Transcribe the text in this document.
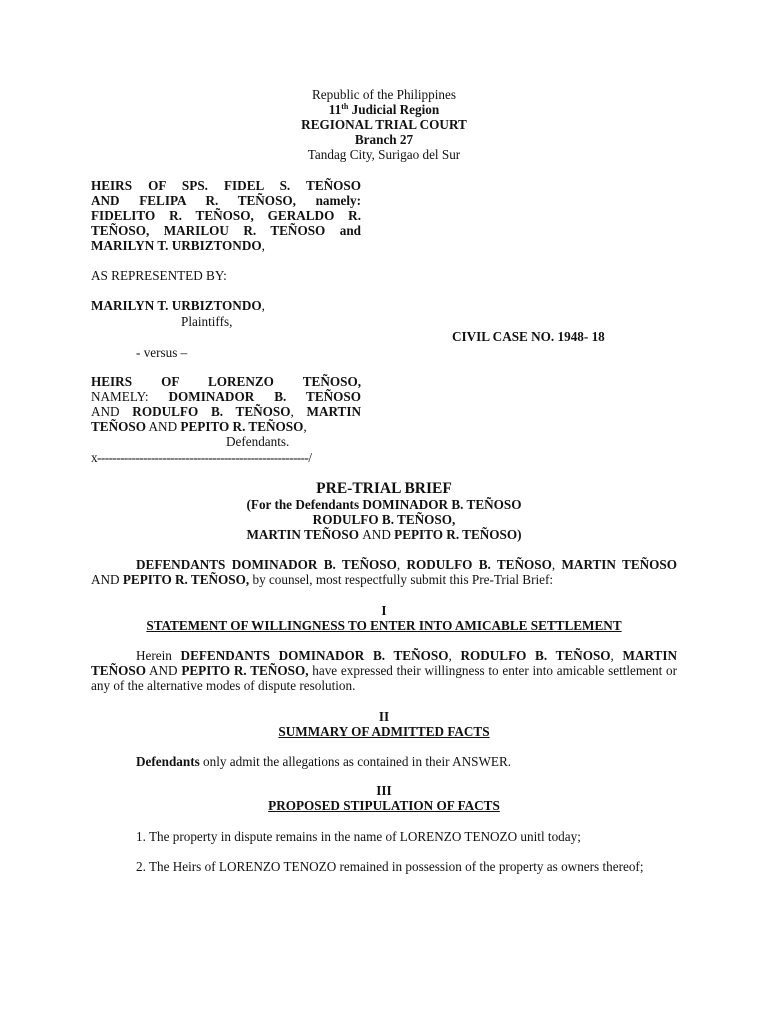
Republic of the Philippines
11th Judicial Region
REGIONAL TRIAL COURT
Branch 27
Tandag City, Surigao del Sur
HEIRS OF SPS. FIDEL S. TEÑOSO
AND FELIPA R. TEÑOSO, namely:
FIDELITO R. TEÑOSO, GERALDO R.
TEÑOSO, MARILOU R. TEÑOSO and
MARILYN T. URBIZTONDO,
AS REPRESENTED BY:
MARILYN T. URBIZTONDO,
Plaintiffs,
CIVIL CASE NO. 1948- 18
- versus –
HEIRS OF LORENZO TEÑOSO,
NAMELY: DOMINADOR B. TEÑOSO
AND RODULFO B. TEÑOSO, MARTIN
TEÑOSO AND PEPITO R. TEÑOSO,
Defendants.
x-------------------------------------------------------/
PRE-TRIAL BRIEF
(For the Defendants DOMINADOR B. TEÑOSO
RODULFO B. TEÑOSO,
MARTIN TEÑOSO AND PEPITO R. TEÑOSO)

DEFENDANTS DOMINADOR B. TEÑOSO, RODULFO B. TEÑOSO, MARTIN TEÑOSO AND PEPITO R. TEÑOSO, by counsel, most respectfully submit this Pre-Trial Brief:

I
STATEMENT OF WILLINGNESS TO ENTER INTO AMICABLE SETTLEMENT

Herein DEFENDANTS DOMINADOR B. TEÑOSO, RODULFO B. TEÑOSO, MARTIN TEÑOSO AND PEPITO R. TEÑOSO, have expressed their willingness to enter into amicable settlement or any of the alternative modes of dispute resolution.

II
SUMMARY OF ADMITTED FACTS

Defendants only admit the allegations as contained in their ANSWER.

III
PROPOSED STIPULATION OF FACTS

1. The property in dispute remains in the name of LORENZO TENOZO unitl today;

2. The Heirs of LORENZO TENOZO remained in possession of the property as owners thereof;
